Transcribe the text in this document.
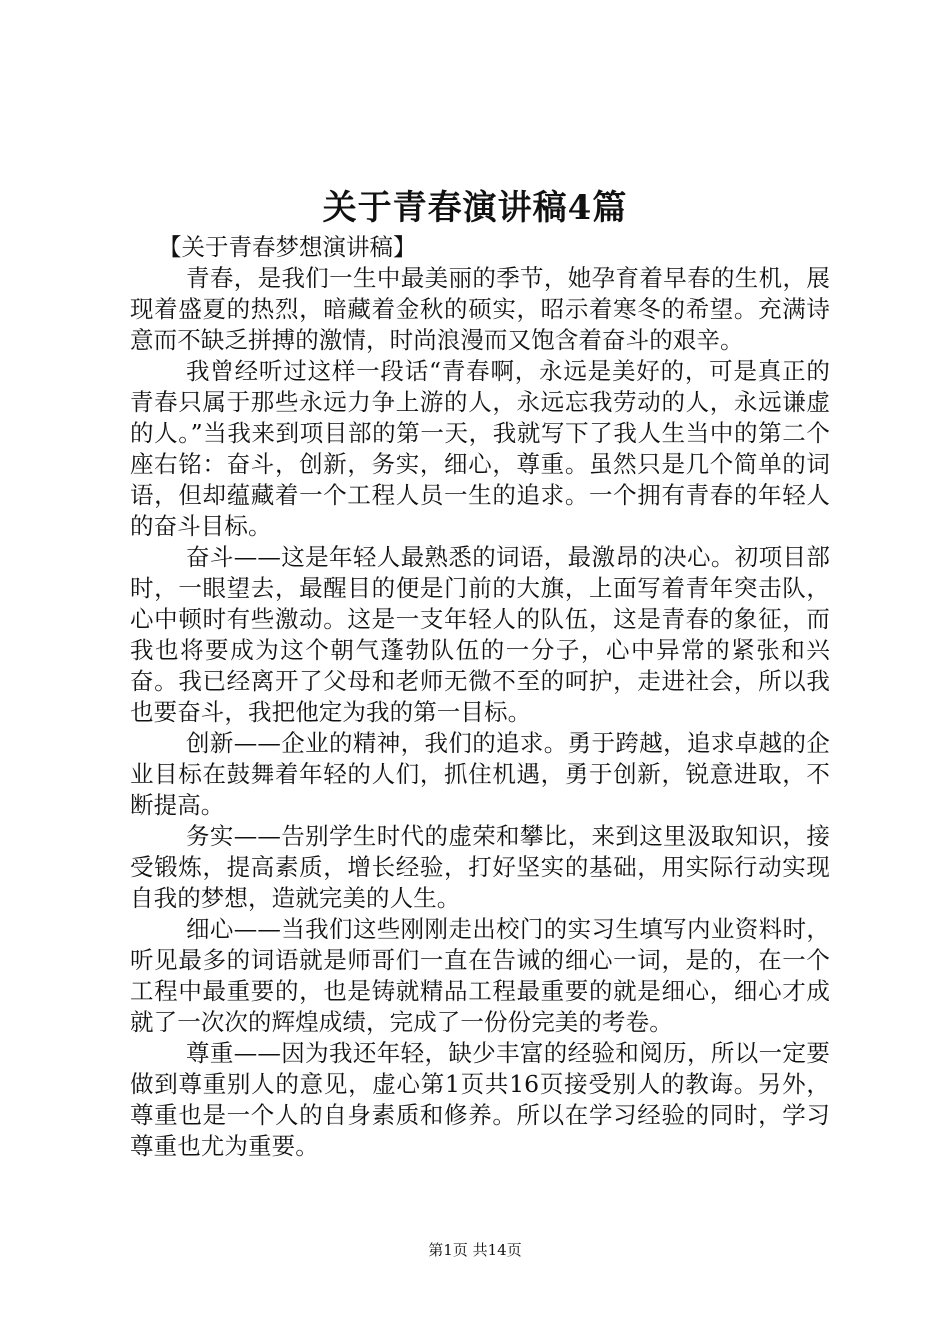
关于青春演讲稿4篇

【关于青春梦想演讲稿】

青春，是我们一生中最美丽的季节，她孕育着早春的生机，展现着盛夏的热烈，暗藏着金秋的硕实，昭示着寒冬的希望。充满诗意而不缺乏拼搏的激情，时尚浪漫而又饱含着奋斗的艰辛。

我曾经听过这样一段话“青春啊，永远是美好的，可是真正的青春只属于那些永远力争上游的人，永远忘我劳动的人，永远谦虚的人。”当我来到项目部的第一天，我就写下了我人生当中的第二个座右铭：奋斗，创新，务实，细心，尊重。虽然只是几个简单的词语，但却蕴藏着一个工程人员一生的追求。一个拥有青春的年轻人的奋斗目标。

奋斗——这是年轻人最熟悉的词语，最激昂的决心。初项目部时，一眼望去，最醒目的便是门前的大旗，上面写着青年突击队，心中顿时有些激动。这是一支年轻人的队伍，这是青春的象征，而我也将要成为这个朝气蓬勃队伍的一分子，心中异常的紧张和兴奋。我已经离开了父母和老师无微不至的呵护，走进社会，所以我也要奋斗，我把他定为我的第一目标。

创新——企业的精神，我们的追求。勇于跨越，追求卓越的企业目标在鼓舞着年轻的人们，抓住机遇，勇于创新，锐意进取，不断提高。

务实——告别学生时代的虚荣和攀比，来到这里汲取知识，接受锻炼，提高素质，增长经验，打好坚实的基础，用实际行动实现自我的梦想，造就完美的人生。

细心——当我们这些刚刚走出校门的实习生填写内业资料时，听见最多的词语就是师哥们一直在告诫的细心一词，是的，在一个工程中最重要的，也是铸就精品工程最重要的就是细心，细心才成就了一次次的辉煌成绩，完成了一份份完美的考卷。

尊重——因为我还年轻，缺少丰富的经验和阅历，所以一定要做到尊重别人的意见，虚心第1页共16页接受别人的教诲。另外，尊重也是一个人的自身素质和修养。所以在学习经验的同时，学习尊重也尤为重要。

第1页 共14页
